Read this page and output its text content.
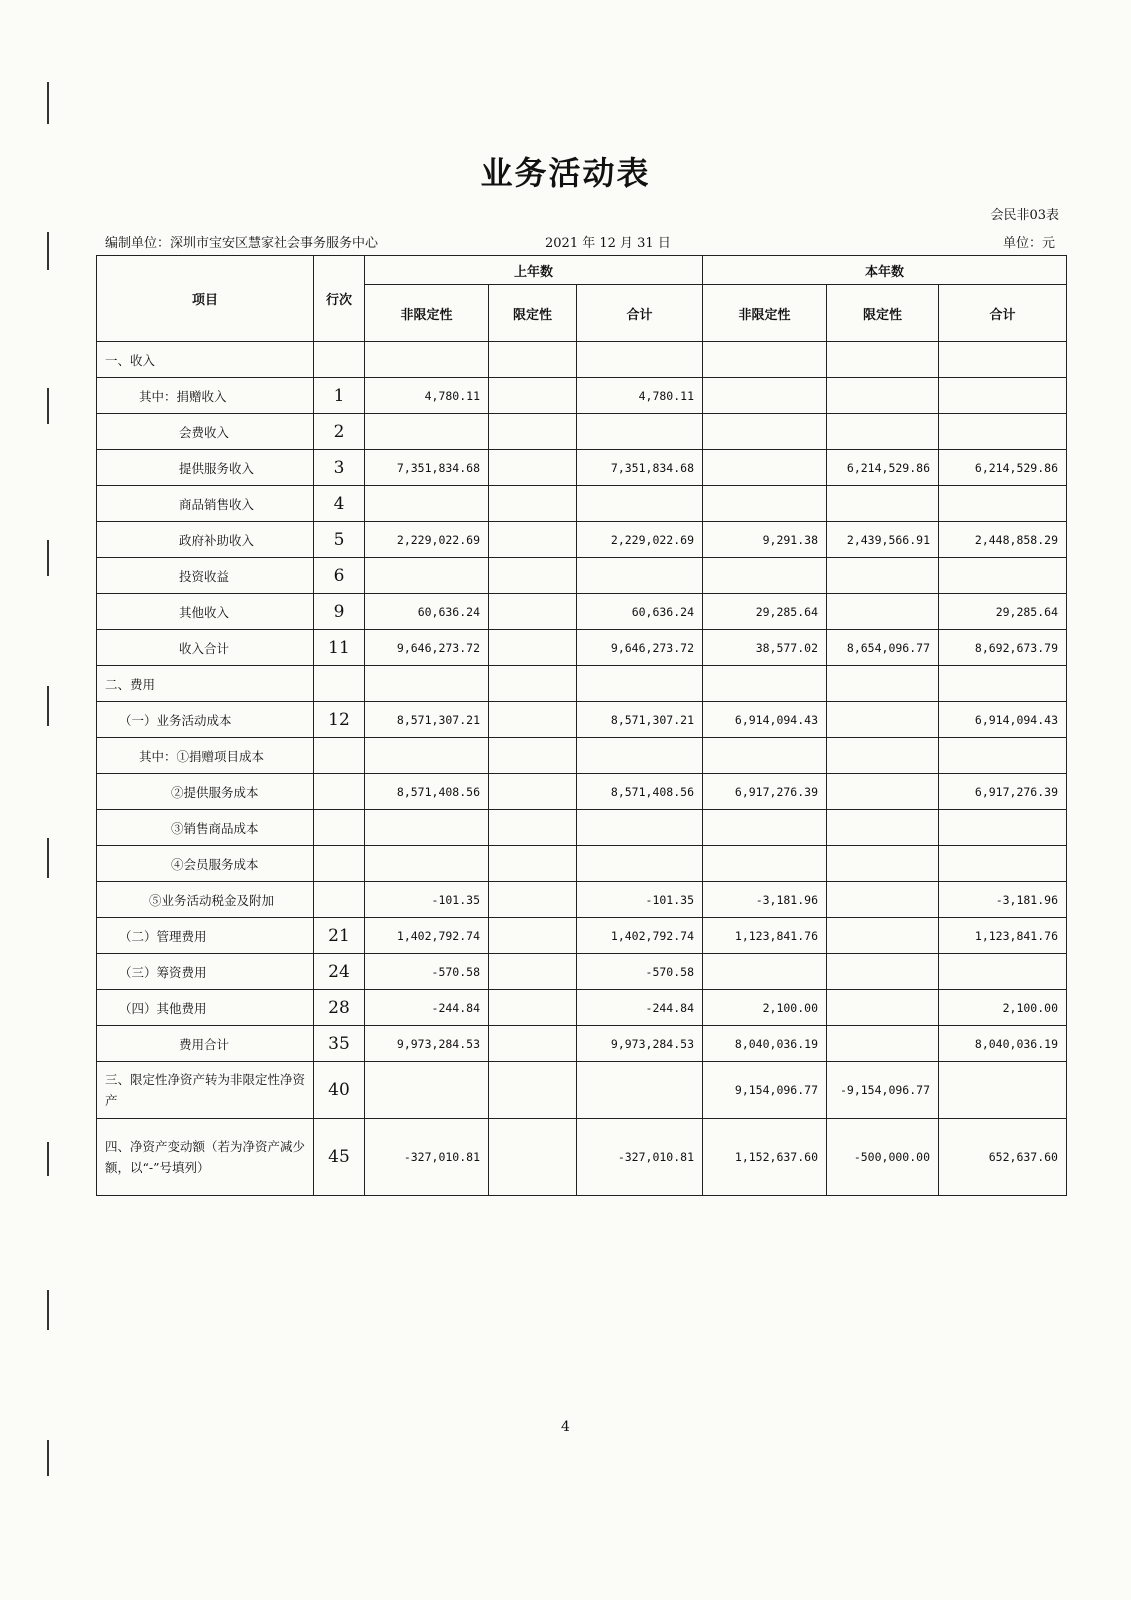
业务活动表
会民非03表
编制单位：深圳市宝安区慧家社会事务服务中心	2021 年 12 月 31 日	单位：元
项目	行次	上年数			本年数		
		非限定性	限定性	合计	非限定性	限定性	合计
一、收入							
其中：捐赠收入	1	4,780.11		4,780.11			
会费收入	2						
提供服务收入	3	7,351,834.68		7,351,834.68		6,214,529.86	6,214,529.86
商品销售收入	4						
政府补助收入	5	2,229,022.69		2,229,022.69	9,291.38	2,439,566.91	2,448,858.29
投资收益	6						
其他收入	9	60,636.24		60,636.24	29,285.64		29,285.64
收入合计	11	9,646,273.72		9,646,273.72	38,577.02	8,654,096.77	8,692,673.79
二、费用							
（一）业务活动成本	12	8,571,307.21		8,571,307.21	6,914,094.43		6,914,094.43
其中：①捐赠项目成本							
②提供服务成本		8,571,408.56		8,571,408.56	6,917,276.39		6,917,276.39
③销售商品成本							
④会员服务成本							
⑤业务活动税金及附加		-101.35		-101.35	-3,181.96		-3,181.96
（二）管理费用	21	1,402,792.74		1,402,792.74	1,123,841.76		1,123,841.76
（三）筹资费用	24	-570.58		-570.58			
（四）其他费用	28	-244.84		-244.84	2,100.00		2,100.00
费用合计	35	9,973,284.53		9,973,284.53	8,040,036.19		8,040,036.19
三、限定性净资产转为非限定性净资产	40				9,154,096.77	-9,154,096.77	
四、净资产变动额（若为净资产减少额，以“-”号填列）	45	-327,010.81		-327,010.81	1,152,637.60	-500,000.00	652,637.60
4
